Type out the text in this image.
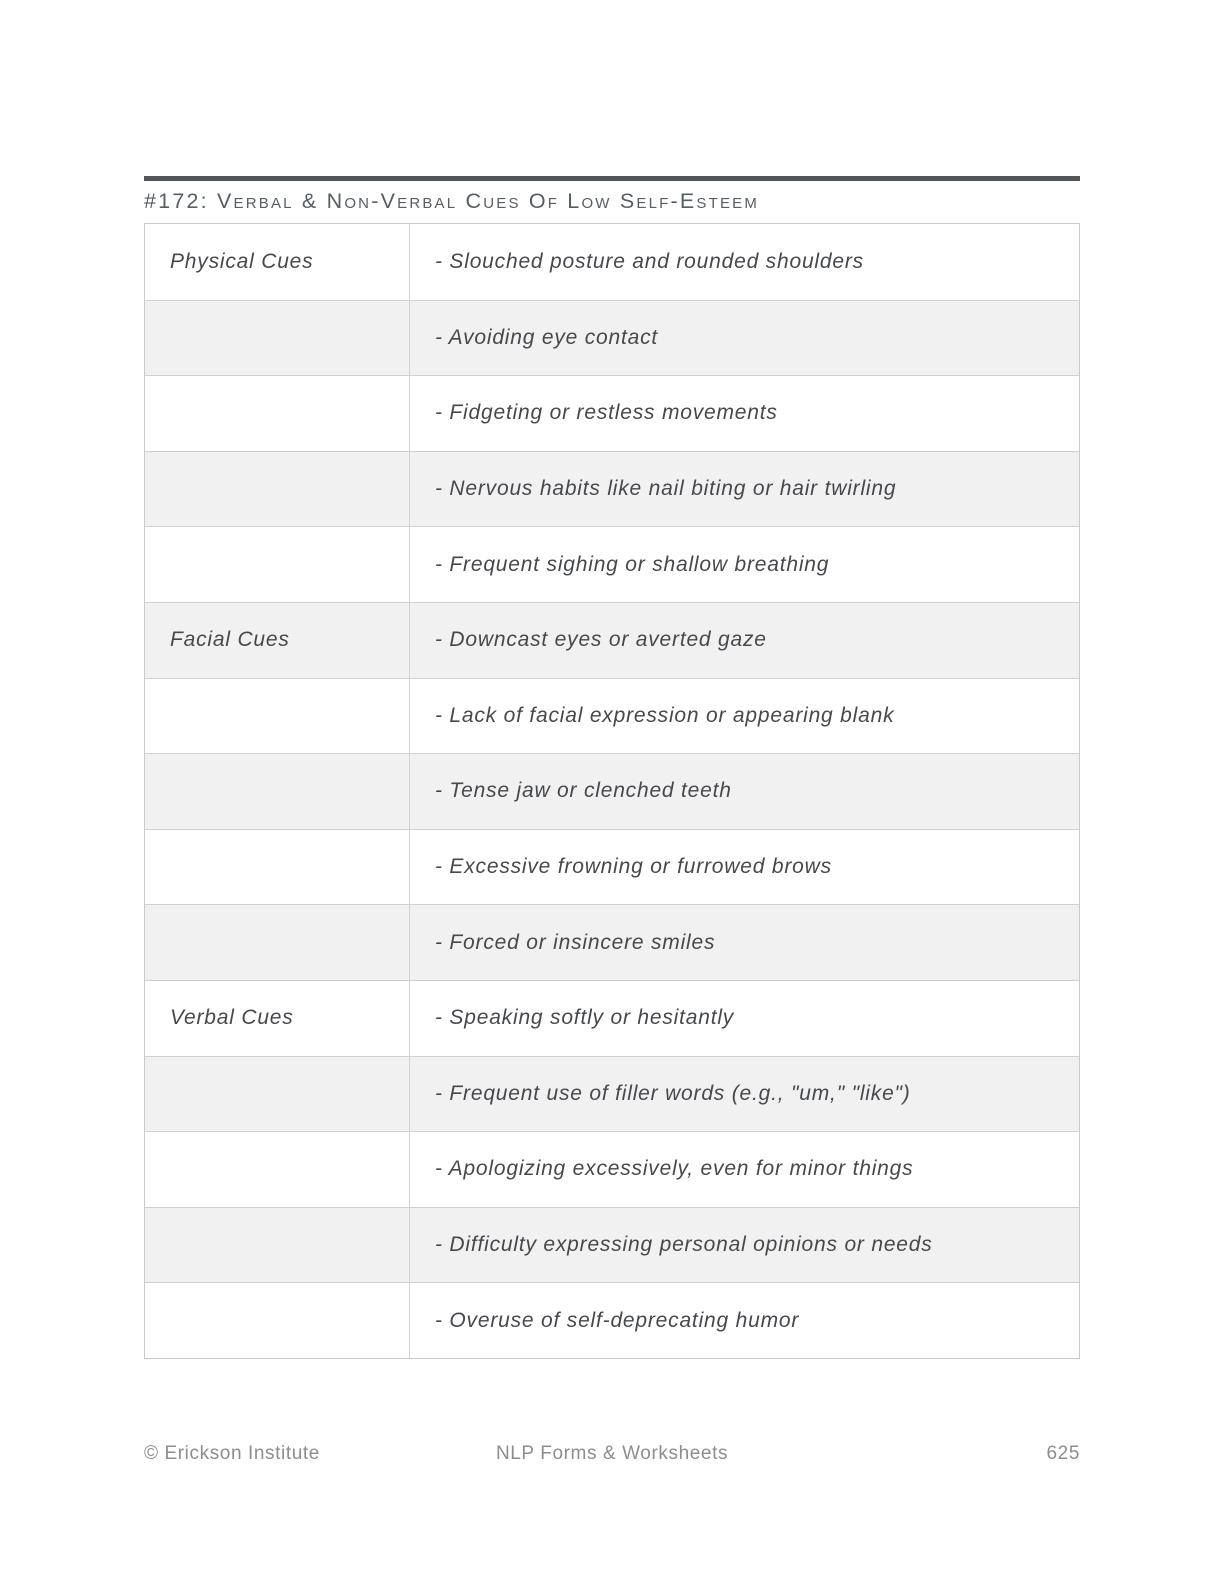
#172: Verbal & Non-Verbal Cues Of Low Self-Esteem
Physical Cues	- Slouched posture and rounded shoulders
- Avoiding eye contact
- Fidgeting or restless movements
- Nervous habits like nail biting or hair twirling
- Frequent sighing or shallow breathing
Facial Cues	- Downcast eyes or averted gaze
- Lack of facial expression or appearing blank
- Tense jaw or clenched teeth
- Excessive frowning or furrowed brows
- Forced or insincere smiles
Verbal Cues	- Speaking softly or hesitantly
- Frequent use of filler words (e.g., "um," "like")
- Apologizing excessively, even for minor things
- Difficulty expressing personal opinions or needs
- Overuse of self-deprecating humor
© Erickson Institute	NLP Forms & Worksheets	625
